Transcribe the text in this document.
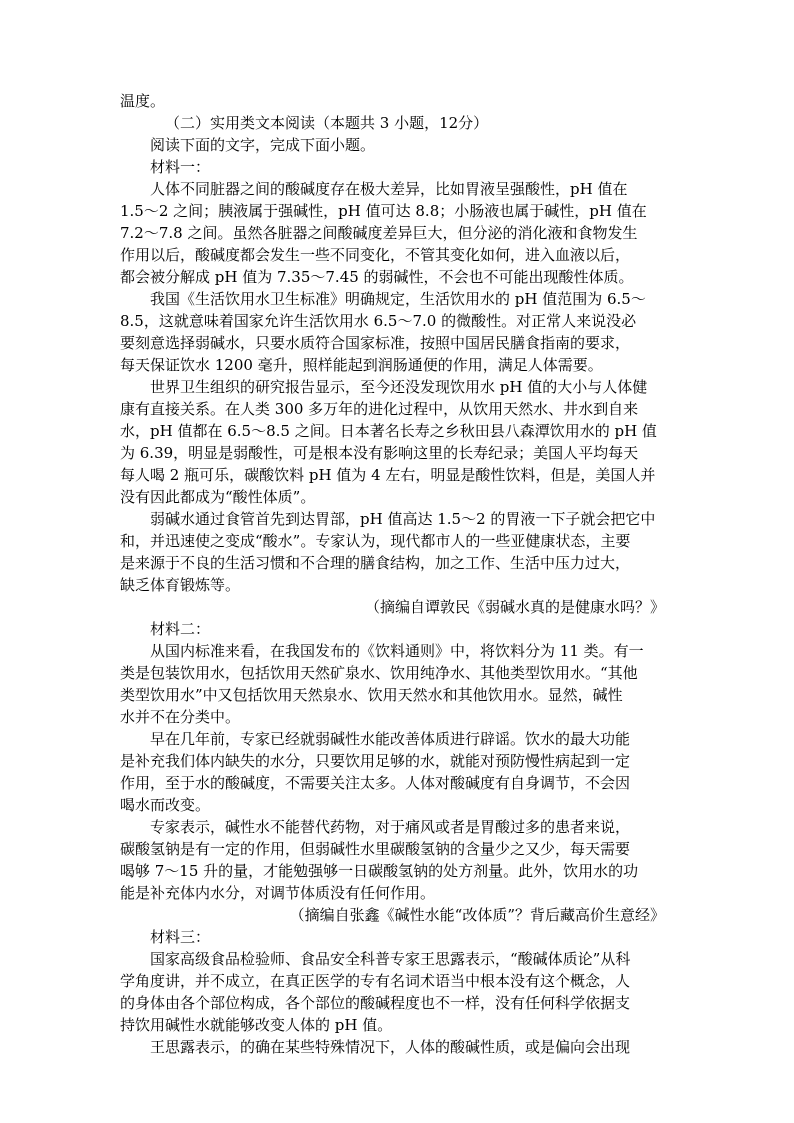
温度。
（二）实用类文本阅读（本题共 3 小题，12分）
阅读下面的文字，完成下面小题。
材料一：
人体不同脏器之间的酸碱度存在极大差异，比如胃液呈强酸性，pH 值在
1.5～2 之间；胰液属于强碱性，pH 值可达 8.8；小肠液也属于碱性，pH 值在
7.2～7.8 之间。虽然各脏器之间酸碱度差异巨大，但分泌的消化液和食物发生
作用以后，酸碱度都会发生一些不同变化，不管其变化如何，进入血液以后，
都会被分解成 pH 值为 7.35～7.45 的弱碱性，不会也不可能出现酸性体质。
我国《生活饮用水卫生标准》明确规定，生活饮用水的 pH 值范围为 6.5～
8.5，这就意味着国家允许生活饮用水 6.5～7.0 的微酸性。对正常人来说没必
要刻意选择弱碱水，只要水质符合国家标准，按照中国居民膳食指南的要求，
每天保证饮水 1200 毫升，照样能起到润肠通便的作用，满足人体需要。
世界卫生组织的研究报告显示，至今还没发现饮用水 pH 值的大小与人体健
康有直接关系。在人类 300 多万年的进化过程中，从饮用天然水、井水到自来
水，pH 值都在 6.5～8.5 之间。日本著名长寿之乡秋田县八森潭饮用水的 pH 值
为 6.39，明显是弱酸性，可是根本没有影响这里的长寿纪录；美国人平均每天
每人喝 2 瓶可乐，碳酸饮料 pH 值为 4 左右，明显是酸性饮料，但是，美国人并
没有因此都成为“酸性体质”。
弱碱水通过食管首先到达胃部，pH 值高达 1.5～2 的胃液一下子就会把它中
和，并迅速使之变成“酸水”。专家认为，现代都市人的一些亚健康状态，主要
是来源于不良的生活习惯和不合理的膳食结构，加之工作、生活中压力过大，
缺乏体育锻炼等。
（摘编自谭敦民《弱碱水真的是健康水吗？》
材料二：
从国内标准来看，在我国发布的《饮料通则》中，将饮料分为 11 类。有一
类是包装饮用水，包括饮用天然矿泉水、饮用纯净水、其他类型饮用水。“其他
类型饮用水”中又包括饮用天然泉水、饮用天然水和其他饮用水。显然，碱性
水并不在分类中。
早在几年前，专家已经就弱碱性水能改善体质进行辟谣。饮水的最大功能
是补充我们体内缺失的水分，只要饮用足够的水，就能对预防慢性病起到一定
作用，至于水的酸碱度，不需要关注太多。人体对酸碱度有自身调节，不会因
喝水而改变。
专家表示，碱性水不能替代药物，对于痛风或者是胃酸过多的患者来说，
碳酸氢钠是有一定的作用，但弱碱性水里碳酸氢钠的含量少之又少，每天需要
喝够 7～15 升的量，才能勉强够一日碳酸氢钠的处方剂量。此外，饮用水的功
能是补充体内水分，对调节体质没有任何作用。
（摘编自张鑫《碱性水能“改体质”？背后藏高价生意经》
材料三：
国家高级食品检验师、食品安全科普专家王思露表示，“酸碱体质论”从科
学角度讲，并不成立，在真正医学的专有名词术语当中根本没有这个概念，人
的身体由各个部位构成，各个部位的酸碱程度也不一样，没有任何科学依据支
持饮用碱性水就能够改变人体的 pH 值。
王思露表示，的确在某些特殊情况下，人体的酸碱性质，或是偏向会出现
